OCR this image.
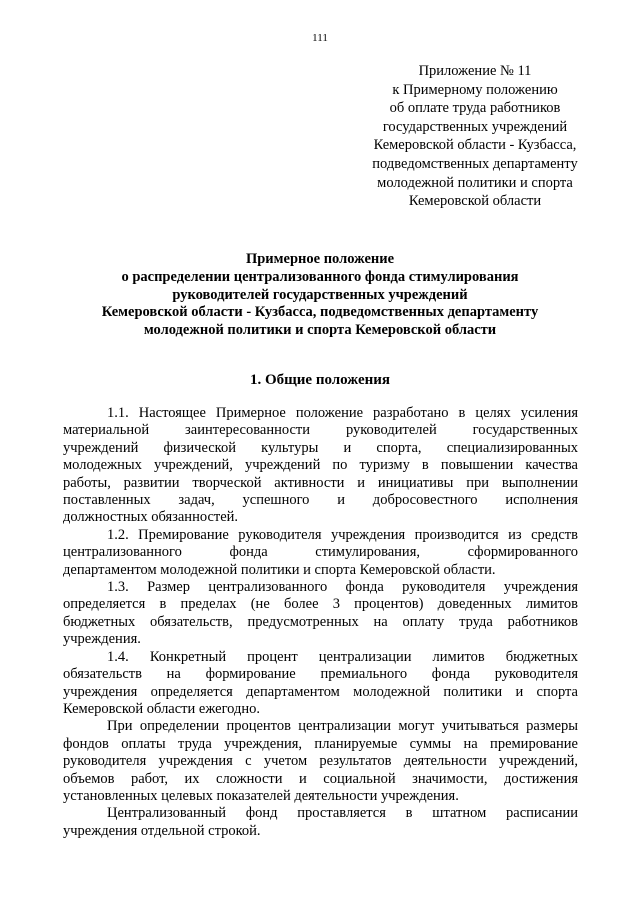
111
Приложение № 11
к Примерному положению
об оплате труда работников
государственных учреждений
Кемеровской области - Кузбасса,
подведомственных департаменту
молодежной политики и спорта
Кемеровской области
Примерное положение
о распределении централизованного фонда стимулирования
руководителей государственных учреждений
Кемеровской области - Кузбасса, подведомственных департаменту
молодежной политики и спорта Кемеровской области
1. Общие положения
1.1. Настоящее Примерное положение разработано в целях усиления
материальной заинтересованности руководителей государственных
учреждений физической культуры и спорта, специализированных
молодежных учреждений, учреждений по туризму в повышении качества
работы, развитии творческой активности и инициативы при выполнении
поставленных задач, успешного и добросовестного исполнения
должностных обязанностей.
1.2. Премирование руководителя учреждения производится из средств
централизованного фонда стимулирования, сформированного
департаментом молодежной политики и спорта Кемеровской области.
1.3. Размер централизованного фонда руководителя учреждения
определяется в пределах (не более 3 процентов) доведенных лимитов
бюджетных обязательств, предусмотренных на оплату труда работников
учреждения.
1.4. Конкретный процент централизации лимитов бюджетных
обязательств на формирование премиального фонда руководителя
учреждения определяется департаментом молодежной политики и спорта
Кемеровской области ежегодно.
При определении процентов централизации могут учитываться размеры
фондов оплаты труда учреждения, планируемые суммы на премирование
руководителя учреждения с учетом результатов деятельности учреждений,
объемов работ, их сложности и социальной значимости, достижения
установленных целевых показателей деятельности учреждения.
Централизованный фонд проставляется в штатном расписании
учреждения отдельной строкой.
